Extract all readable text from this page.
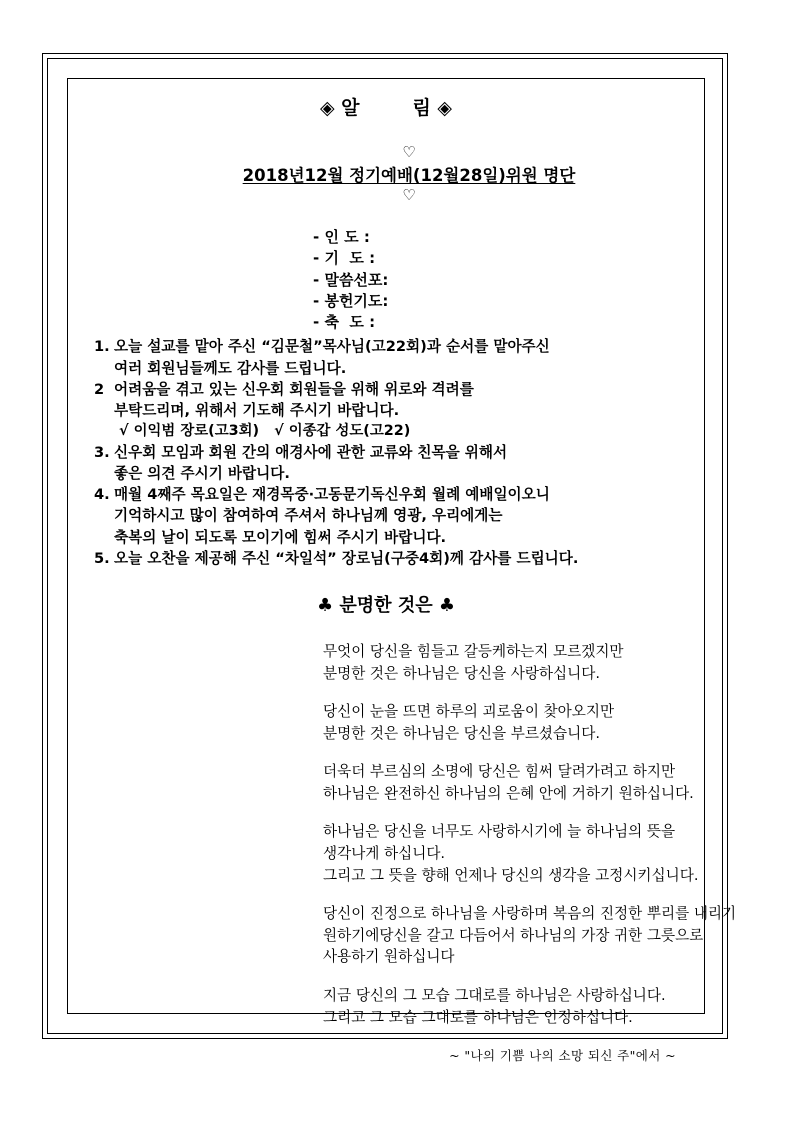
◈ 알        림 ◈

♡
2018년12월 정기예배(12월28일)위원 명단
♡

- 인 도 :
- 기  도 :
- 말씀선포:
- 봉헌기도:
- 축  도 :
1. 오늘 설교를 맡아 주신 “김문철”목사님(고22회)과 순서를 맡아주신
여러 회원님들께도 감사를 드립니다.
2 어려움을 겪고 있는 신우회 회원들을 위해 위로와 격려를
부탁드리며, 위해서 기도해 주시기 바랍니다.
√ 이익범 장로(고3회)   √ 이종갑 성도(고22)
3. 신우회 모임과 회원 간의 애경사에 관한 교류와 친목을 위해서
좋은 의견 주시기 바랍니다.
4. 매월 4째주 목요일은 재경목중·고동문기독신우회 월례 예배일이오니
기억하시고 많이 참여하여 주셔서 하나님께 영광, 우리에게는
축복의 날이 되도록 모이기에 힘써 주시기 바랍니다.
5. 오늘 오찬을 제공해 주신 “차일석” 장로님(구중4회)께 감사를 드립니다.
♣ 분명한 것은 ♣
무엇이 당신을 힘들고 갈등케하는지 모르겠지만
분명한 것은 하나님은 당신을 사랑하십니다.
당신이 눈을 뜨면 하루의 괴로움이 찾아오지만
분명한 것은 하나님은 당신을 부르셨습니다.
더욱더 부르심의 소명에 당신은 힘써 달려가려고 하지만
하나님은 완전하신 하나님의 은혜 안에 거하기 원하십니다.
하나님은 당신을 너무도 사랑하시기에 늘 하나님의 뜻을
생각나게 하십니다.
그리고 그 뜻을 향해 언제나 당신의 생각을 고정시키십니다.
당신이 진정으로 하나님을 사랑하며 복음의 진정한 뿌리를 내리기
원하기에당신을 갈고 다듬어서 하나님의 가장 귀한 그릇으로
사용하기 원하십니다
지금 당신의 그 모습 그대로를 하나님은 사랑하십니다.
그리고 그 모습 그대로를 하나님은 인정하십니다.
~ "나의 기쁨 나의 소망 되신 주"에서 ~
